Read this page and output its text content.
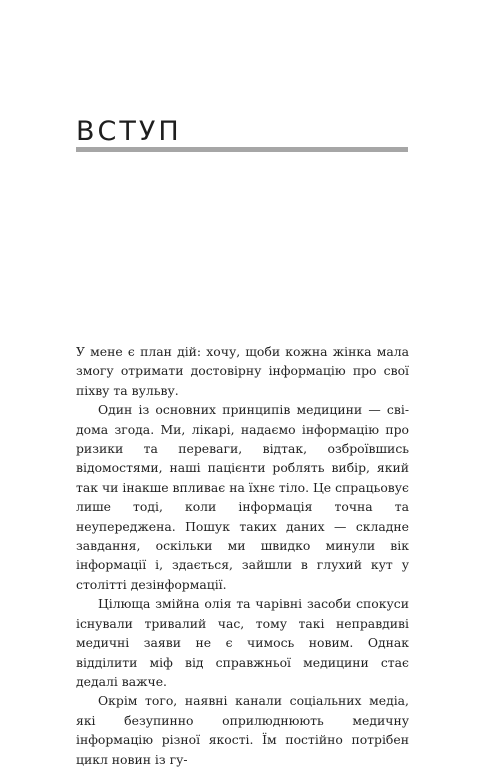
ВСТУП

У мене є план дій: хочу, щоби кожна жінка мала змогу отримати достовірну інформацію про свої піхву та вульву.

Один із основних принципів медицини — свідома згода. Ми, лікарі, надаємо інформацію про ризики та переваги, відтак, озброївшись відомостями, наші пацієнти роблять вибір, який так чи інакше впливає на їхнє тіло. Це спрацьовує лише тоді, коли інформація точна та неупереджена. Пошук таких даних — складне завдання, оскільки ми швидко минули вік інформації і, здається, зайшли в глухий кут у столітті дезінформації.

Цілюща змійна олія та чарівні засоби спокуси існували тривалий час, тому такі неправдиві медичні заяви не є чимось новим. Однак відділити міф від справжньої медицини стає дедалі важче.

Окрім того, наявні канали соціальних медіа, які безупинно оприлюднюють медичну інформацію різної якості. Їм постійно потрібен цикл новин із гу-
